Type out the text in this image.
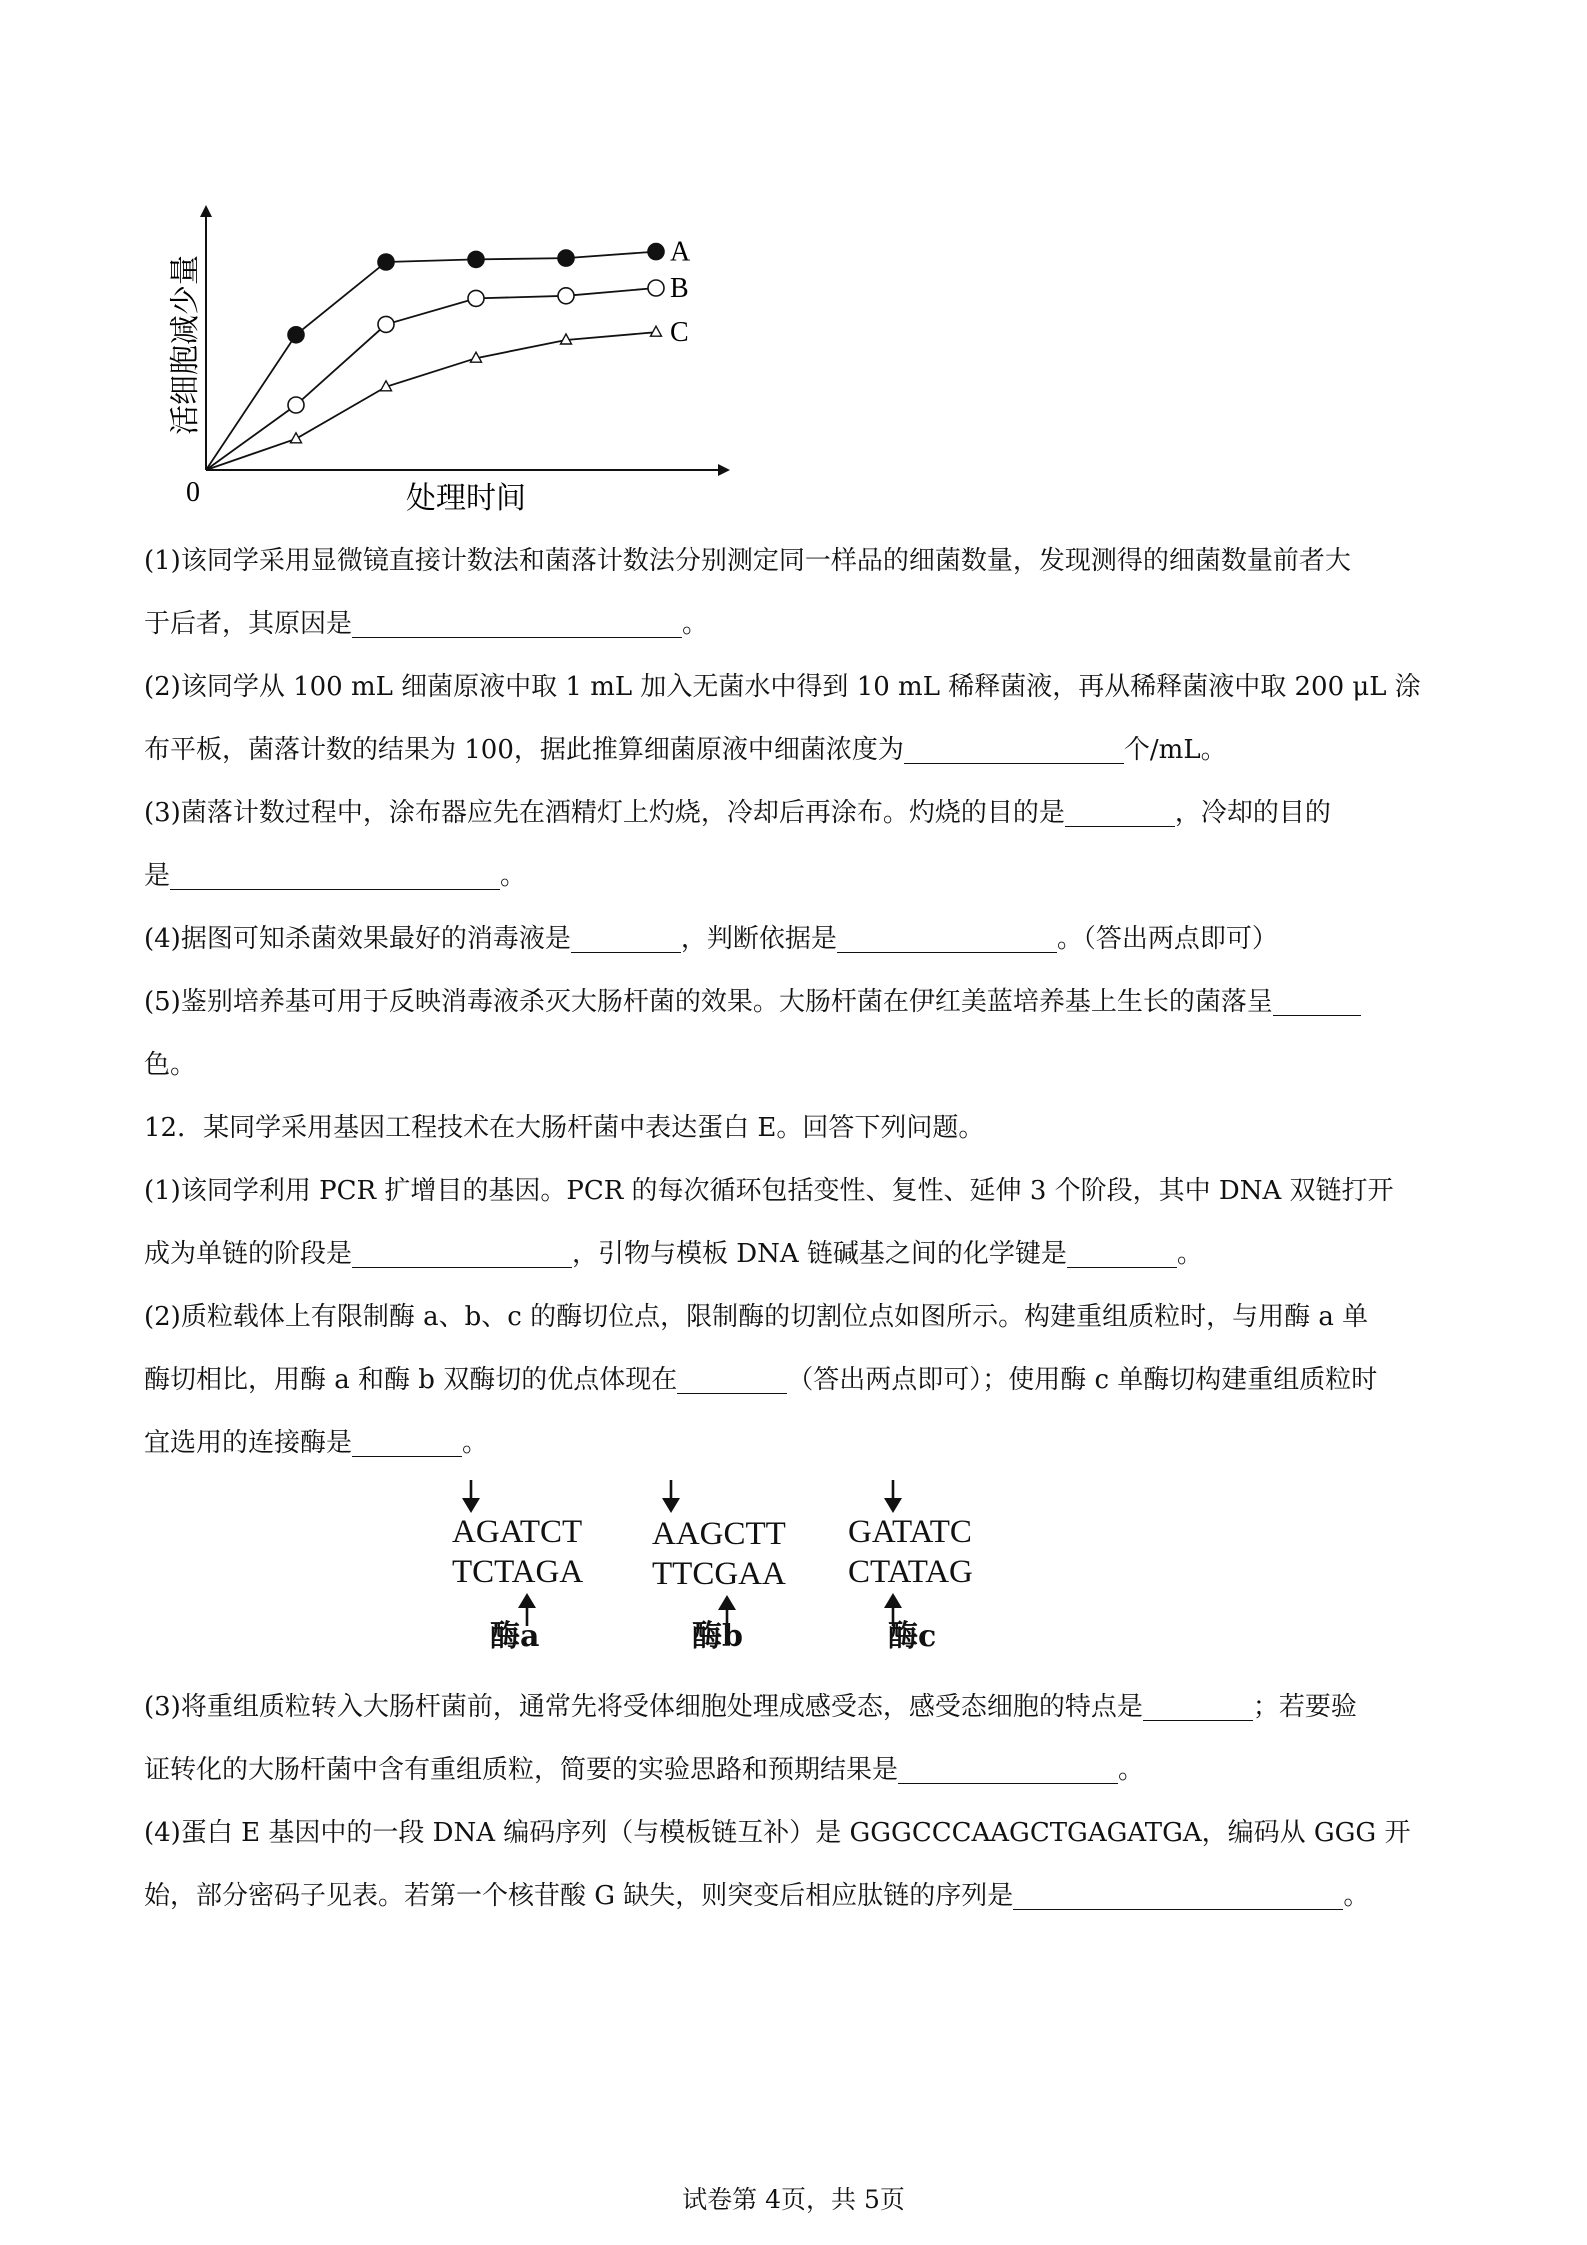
活细胞减少量
处理时间
0
A
B
C
(1)该同学采用显微镜直接计数法和菌落计数法分别测定同一样品的细菌数量，发现测得的细菌数量前者大
于后者，其原因是	。
(2)该同学从 100 mL 细菌原液中取 1 mL 加入无菌水中得到 10 mL 稀释菌液，再从稀释菌液中取 200 μL 涂
布平板，菌落计数的结果为 100，据此推算细菌原液中细菌浓度为	个/mL。
(3)菌落计数过程中，涂布器应先在酒精灯上灼烧，冷却后再涂布。灼烧的目的是	，冷却的目的
是	。
(4)据图可知杀菌效果最好的消毒液是	，判断依据是	。（答出两点即可）
(5)鉴别培养基可用于反映消毒液杀灭大肠杆菌的效果。大肠杆菌在伊红美蓝培养基上生长的菌落呈
色。
12．某同学采用基因工程技术在大肠杆菌中表达蛋白 E。回答下列问题。
(1)该同学利用 PCR 扩增目的基因。PCR 的每次循环包括变性、复性、延伸 3 个阶段，其中 DNA 双链打开
成为单链的阶段是	，引物与模板 DNA 链碱基之间的化学键是	。
(2)质粒载体上有限制酶 a、b、c 的酶切位点，限制酶的切割位点如图所示。构建重组质粒时，与用酶 a 单
酶切相比，用酶 a 和酶 b 双酶切的优点体现在	（答出两点即可）；使用酶 c 单酶切构建重组质粒时
宜选用的连接酶是	。
AGATCT
TCTAGA
酶a
AAGCTT
TTCGAA
酶b
GATATC
CTATAG
酶c
(3)将重组质粒转入大肠杆菌前，通常先将受体细胞处理成感受态，感受态细胞的特点是	；若要验
证转化的大肠杆菌中含有重组质粒，简要的实验思路和预期结果是	。
(4)蛋白 E 基因中的一段 DNA 编码序列（与模板链互补）是 GGGCCCAAGCTGAGATGA，编码从 GGG 开
始，部分密码子见表。若第一个核苷酸 G 缺失，则突变后相应肽链的序列是	。
试卷第 4页，共 5页
